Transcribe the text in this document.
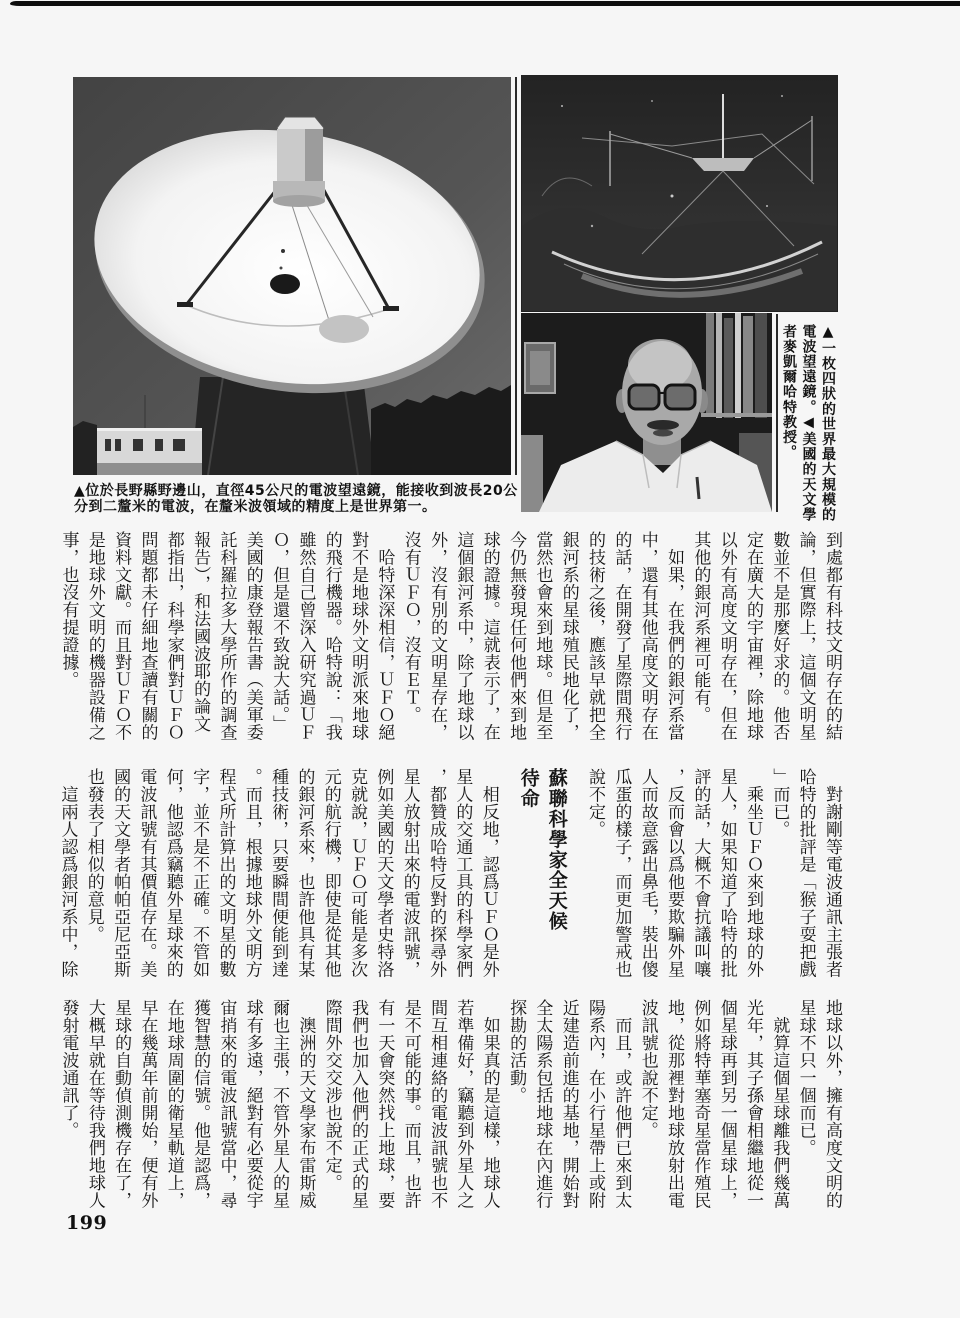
▲一枚四狀的世界最大規模的
電波望遠鏡。◀美國的天文學
者麥凱爾哈特教授。
▲位於長野縣野邊山，直徑45公尺的電波望遠鏡，能接收到波長20公
分到二釐米的電波，在釐米波領域的精度上是世界第一。
到處都有科技文明存在的結
論，但實際上，這個文明星
數並不是那麼好求的。他否
定在廣大的宇宙裡，除地球
以外有高度文明存在，但在
其他的銀河系裡可能有。
　如果，在我們的銀河系當
中，還有其他高度文明存在
的話，在開發了星際間飛行
的技術之後，應該早就把全
銀河系的星球殖民地化了，
當然也會來到地球。但是至
今仍無發現任何他們來到地
球的證據。這就表示了，在
這個銀河系中，除了地球以
外，沒有別的文明星存在，
沒有ＵＦＯ，沒有ＥＴ。
　哈特深深相信，ＵＦＯ絕
對不是地球外文明派來地球
的飛行機器。哈特說：「我
雖然自己曾深入研究過ＵＦ
Ｏ，但是還不致說大話。」
美國的康登報告書（美軍委
託科羅拉多大學所作的調查
報告），和法國波耶的論文
都指出，科學家們對ＵＦＯ
問題都未仔細地查讀有關的
資料文獻。而且對ＵＦＯ不
是地球外文明的機器設備之
事，也沒有提證據。
　對謝剛等電波通訊主張者
哈特的批評是「猴子耍把戲
」而已。
　乘坐ＵＦＯ來到地球的外
星人，如果知道了哈特的批
評的話，大概不會抗議叫嚷
，反而會以爲他要欺騙外星
人而故意露出鼻毛，裝出傻
瓜蛋的樣子，而更加警戒也
說不定。
蘇聯科學家全天候
待命
　相反地，認爲ＵＦＯ是外
星人的交通工具的科學家們
，都贊成哈特反對的探尋外
星人放射出來的電波訊號，
例如美國的天文學者史特洛
克就說，ＵＦＯ可能是多次
元的航行機，即使是從其他
的銀河系來，也許他具有某
種技術，只要瞬間便能到達
。而且，根據地球外文明方
程式所計算出的文明星的數
字，並不是不正確。不管如
何，他認爲竊聽外星球來的
電波訊號有其價值存在。美
國的天文學者帕帕亞尼亞斯
也發表了相似的意見。
　這兩人認爲銀河系中，除
地球以外，擁有高度文明的
星球不只一個而已。
　就算這個星球離我們幾萬
光年，其子孫會相繼地從一
個星球再到另一個星球上，
例如將特華塞奇星當作殖民
地，從那裡對地球放射出電
波訊號也說不定。
　而且，或許他們已來到太
陽系內，在小行星帶上或附
近建造前進的基地，開始對
全太陽系包括地球在內進行
探勘的活動。
　如果真的是這樣，地球人
若準備好，竊聽到外星人之
間互相連絡的電波訊號也不
是不可能的事。而且，也許
有一天會突然找上地球，要
我們也加入他們的正式的星
際間外交交涉也說不定。
　澳洲的天文學家布雷斯威
爾也主張，不管外星人的星
球有多遠，絕對有必要從宇
宙捎來的電波訊號當中，尋
獲智慧的信號。他是認爲，
在地球周圍的衛星軌道上，
早在幾萬年前開始，便有外
星球的自動偵測機存在了，
大概早就在等待我們地球人
發射電波通訊了。
199
